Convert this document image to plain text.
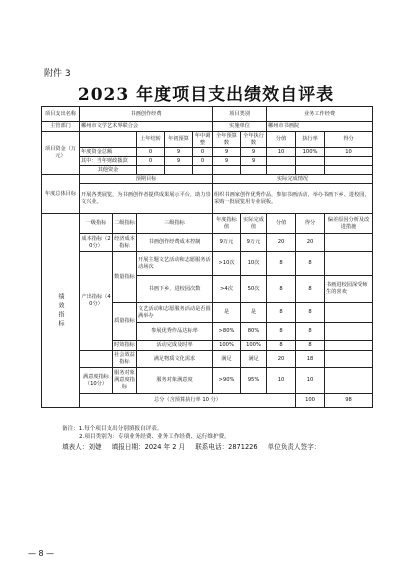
附件 3
2023 年度项目支出绩效自评表
项目支出名称	书画创作经费					项目类别		业务工作经费			
主管部门	郴州市文学艺术界联合会					实施单位		郴州市书画院			
项目资金（万元）			上年结转	年初预算	年中调整	全年预算数	全年执行数	分值	执行率	得分	
	年度资金总额		0	9	0	9	9	10	100%	10	
	其中：当年财政拨款		0	9	0	9	9				
	其他资金										
年度总体目标	预期目标					实际完成情况					
	开展各类展览，为书画创作者提供成果展示平台，助力崇文兴业。					组织书画家创作优秀作品，参加书画活动，举办书画下乡、进校园，采购一批展览用专业展板。					
绩效指标	一级指标	二级指标	三级指标			年度指标值	实际完成值	分值	得分	偏差原因分析及改进措施	
	成本指标（20分）	经济成本指标	书画创作经费成本控制			9万元	9万元	20	20		
	产出指标（40分）	数量指标	开展主题文艺活动和志愿服务活动场次			>10次	10次	8	8		
			书画下乡、进校园次数			>4次	50次	8	8	书画进校园深受师生的喜欢	
		质量指标	文艺活动和志愿服务活动是否圆满举办			是	是	8	8		
			参展优秀作品达标率			>80%	80%	8	8		
		时效指标	活动完成及时率			100%	100%	8	8		
		社会效益指标	满足物质文化需求			满足	满足	20	18		
	满意度指标（10分）	服务对象满意度指标	服务对象满意度			>90%	95%	10	10		
	总分（含预算执行率 10 分）								100	98	
备注：1.每个项目支出分别填报自评表。
2.项目类别为：专项业务经费、业务工作经费、运行维护费。
填表人：刘婕 填报日期：2024 年 2 月 联系电话：2871226 单位负责人签字：
— 8 —
